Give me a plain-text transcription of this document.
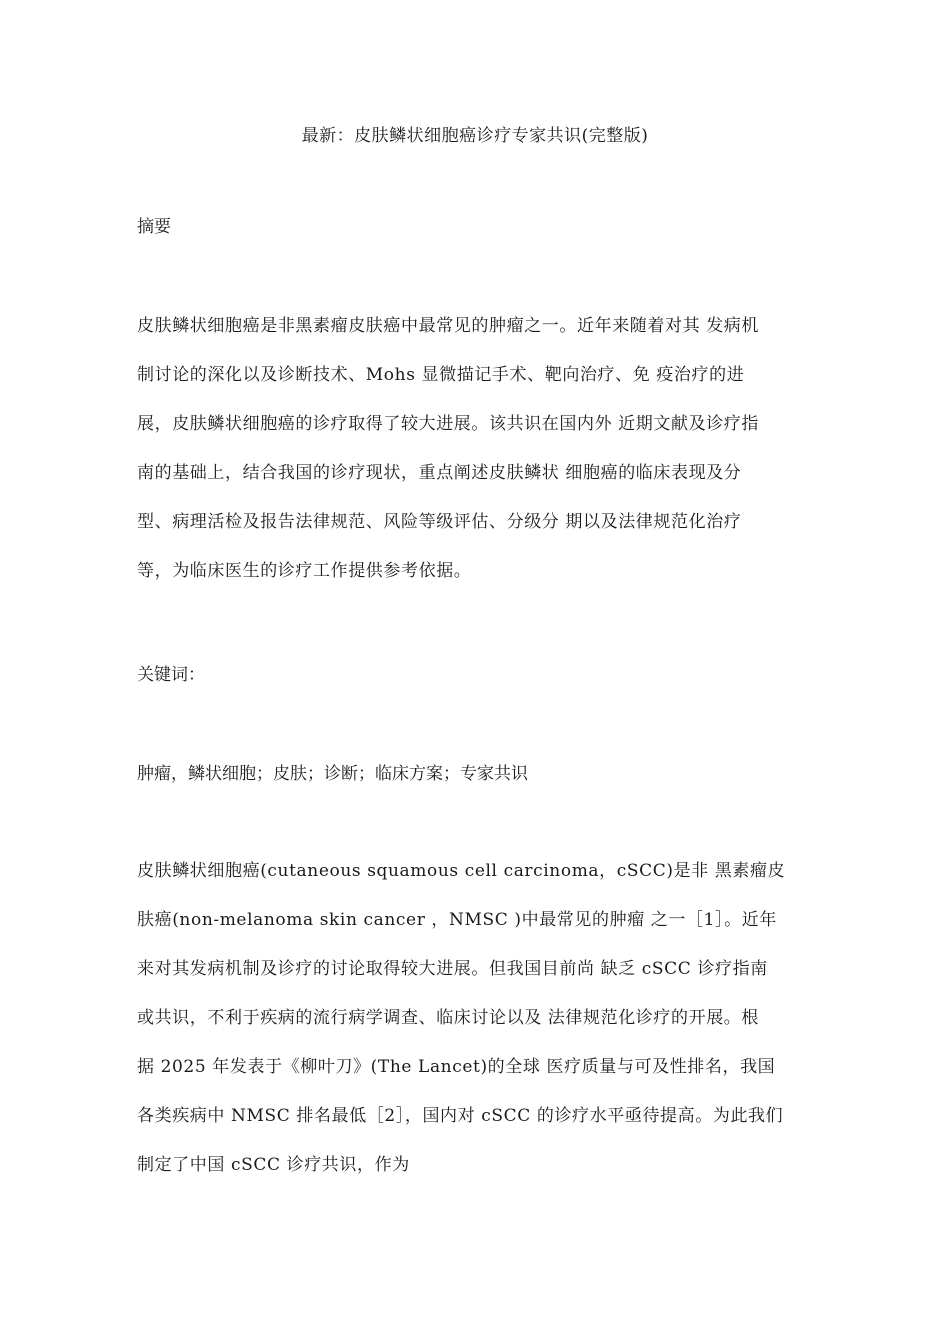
最新：皮肤鳞状细胞癌诊疗专家共识(完整版)
摘要
皮肤鳞状细胞癌是非黑素瘤皮肤癌中最常见的肿瘤之一。近年来随着对其 发病机
制讨论的深化以及诊断技术、Mohs 显微描记手术、靶向治疗、免 疫治疗的进
展，皮肤鳞状细胞癌的诊疗取得了较大进展。该共识在国内外 近期文献及诊疗指
南的基础上，结合我国的诊疗现状，重点阐述皮肤鳞状 细胞癌的临床表现及分
型、病理活检及报告法律规范、风险等级评估、分级分 期以及法律规范化治疗
等，为临床医生的诊疗工作提供参考依据。
关键词：
肿瘤，鳞状细胞；皮肤；诊断；临床方案；专家共识
皮肤鳞状细胞癌(cutaneous squamous cell carcinoma，cSCC)是非 黑素瘤皮
肤癌(non-melanoma skin cancer ，NMSC )中最常见的肿瘤 之一［1］。近年
来对其发病机制及诊疗的讨论取得较大进展。但我国目前尚 缺乏 cSCC 诊疗指南
或共识，不利于疾病的流行病学调查、临床讨论以及 法律规范化诊疗的开展。根
据 2025 年发表于《柳叶刀》(The Lancet)的全球 医疗质量与可及性排名，我国
各类疾病中 NMSC 排名最低［2］，国内对 cSCC 的诊疗水平亟待提高。为此我们
制定了中国 cSCC 诊疗共识，作为
